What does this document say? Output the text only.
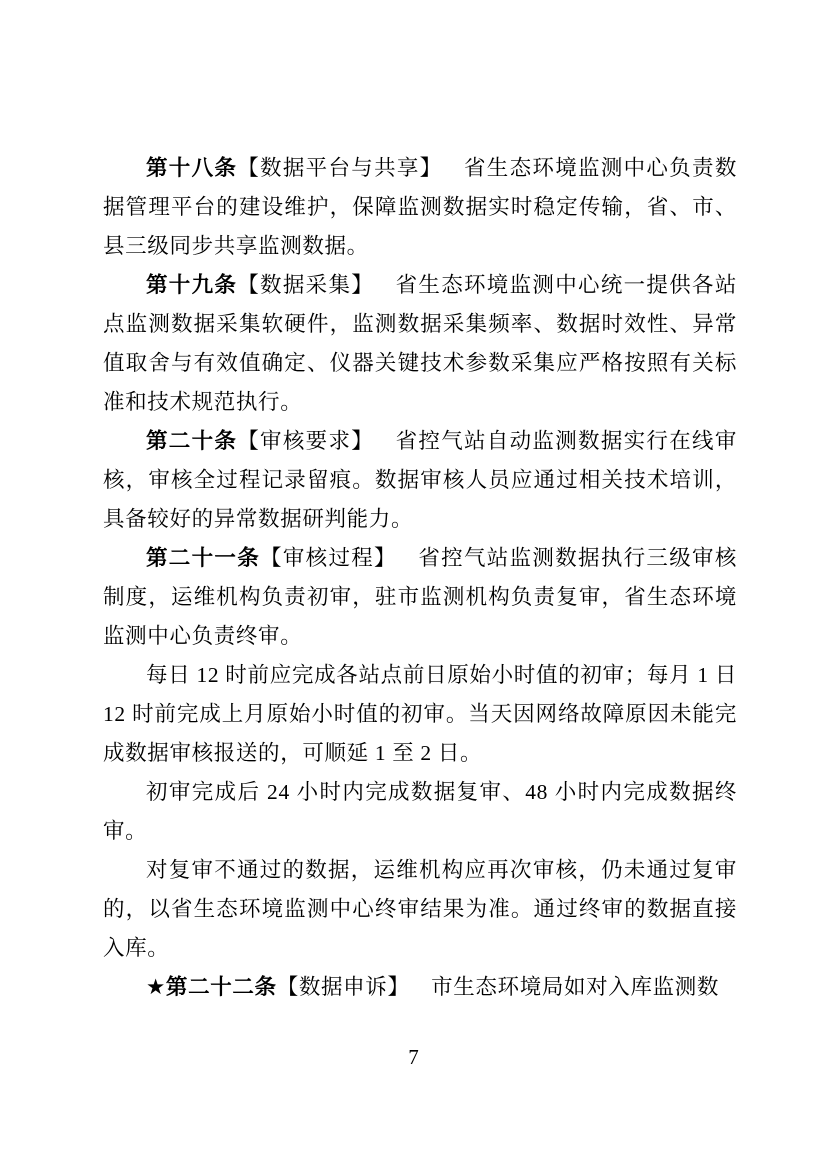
第十八条【数据平台与共享】 省生态环境监测中心负责数据管理平台的建设维护，保障监测数据实时稳定传输，省、市、县三级同步共享监测数据。

第十九条【数据采集】 省生态环境监测中心统一提供各站点监测数据采集软硬件，监测数据采集频率、数据时效性、异常值取舍与有效值确定、仪器关键技术参数采集应严格按照有关标准和技术规范执行。

第二十条【审核要求】 省控气站自动监测数据实行在线审核，审核全过程记录留痕。数据审核人员应通过相关技术培训，具备较好的异常数据研判能力。

第二十一条【审核过程】 省控气站监测数据执行三级审核制度，运维机构负责初审，驻市监测机构负责复审，省生态环境监测中心负责终审。

每日 12 时前应完成各站点前日原始小时值的初审；每月 1 日 12 时前完成上月原始小时值的初审。当天因网络故障原因未能完成数据审核报送的，可顺延 1 至 2 日。

初审完成后 24 小时内完成数据复审、48 小时内完成数据终审。

对复审不通过的数据，运维机构应再次审核，仍未通过复审的，以省生态环境监测中心终审结果为准。通过终审的数据直接入库。

★第二十二条【数据申诉】 市生态环境局如对入库监测数

7
